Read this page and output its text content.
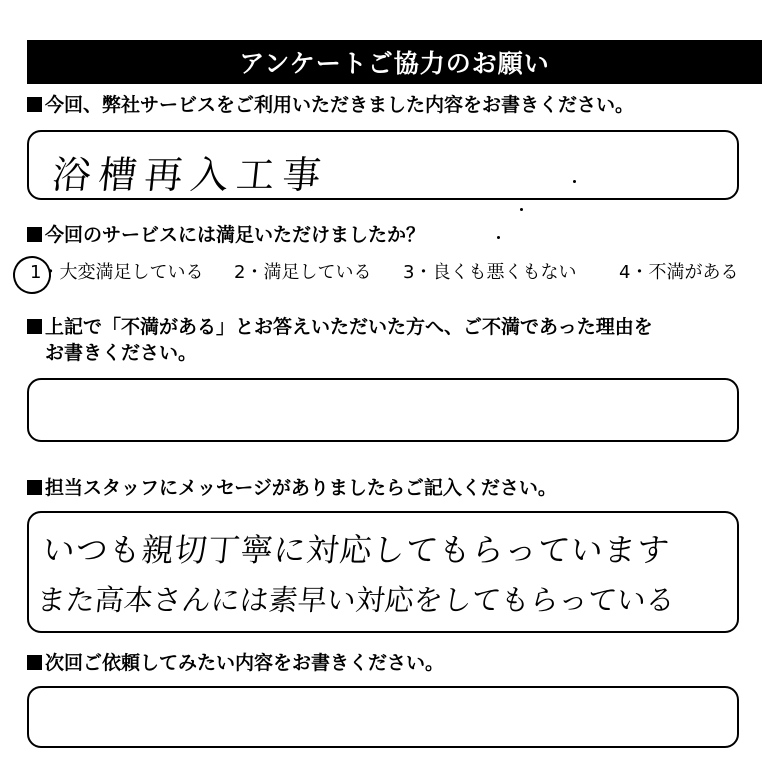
アンケートご協力のお願い
今回、弊社サービスをご利用いただきました内容をお書きください。
浴槽再入工事
今回のサービスには満足いただけましたか？
1・大変満足している 2・満足している 3・良くも悪くもない 4・不満がある
上記で「不満がある」とお答えいただいた方へ、ご不満であった理由を
お書きください。
担当スタッフにメッセージがありましたらご記入ください。
いつも親切丁寧に対応してもらっています
また高本さんには素早い対応をしてもらっている
次回ご依頼してみたい内容をお書きください。
